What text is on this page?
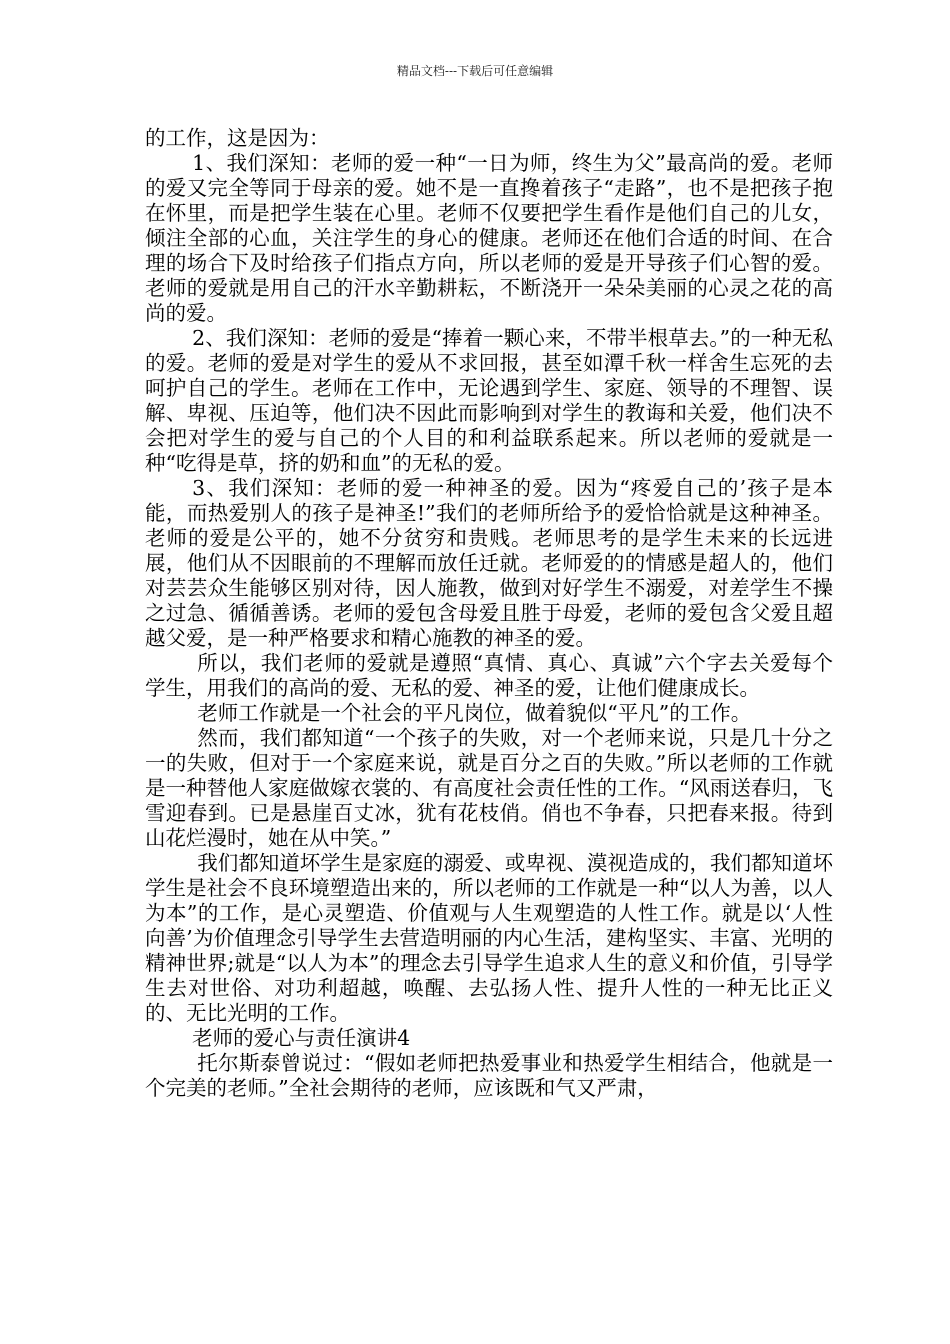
精品文档---下载后可任意编辑

的工作，这是因为：

1、我们深知：老师的爱一种“一日为师，终生为父”最高尚的爱。老师的爱又完全等同于母亲的爱。她不是一直搀着孩子“走路”，也不是把孩子抱在怀里，而是把学生装在心里。老师不仅要把学生看作是他们自己的儿女，倾注全部的心血，关注学生的身心的健康。老师还在他们合适的时间、在合理的场合下及时给孩子们指点方向，所以老师的爱是开导孩子们心智的爱。老师的爱就是用自己的汗水辛勤耕耘，不断浇开一朵朵美丽的心灵之花的高尚的爱。

2、我们深知：老师的爱是“捧着一颗心来，不带半根草去。”的一种无私的爱。老师的爱是对学生的爱从不求回报，甚至如潭千秋一样舍生忘死的去呵护自己的学生。老师在工作中，无论遇到学生、家庭、领导的不理智、误解、卑视、压迫等，他们决不因此而影响到对学生的教诲和关爱，他们决不会把对学生的爱与自己的个人目的和利益联系起来。所以老师的爱就是一种“吃得是草，挤的奶和血”的无私的爱。

3、我们深知：老师的爱一种神圣的爱。因为“疼爱自己的’孩子是本能，而热爱别人的孩子是神圣!”我们的老师所给予的爱恰恰就是这种神圣。老师的爱是公平的，她不分贫穷和贵贱。老师思考的是学生未来的长远进展，他们从不因眼前的不理解而放任迁就。老师爱的的情感是超人的，他们对芸芸众生能够区别对待，因人施教，做到对好学生不溺爱，对差学生不操之过急、循循善诱。老师的爱包含母爱且胜于母爱，老师的爱包含父爱且超越父爱，是一种严格要求和精心施教的神圣的爱。

所以，我们老师的爱就是遵照“真情、真心、真诚”六个字去关爱每个学生，用我们的高尚的爱、无私的爱、神圣的爱，让他们健康成长。

老师工作就是一个社会的平凡岗位，做着貌似“平凡”的工作。

然而，我们都知道“一个孩子的失败，对一个老师来说，只是几十分之一的失败，但对于一个家庭来说，就是百分之百的失败。”所以老师的工作就是一种替他人家庭做嫁衣裳的、有高度社会责任性的工作。“风雨送春归，飞雪迎春到。已是悬崖百丈冰，犹有花枝俏。俏也不争春，只把春来报。待到山花烂漫时，她在从中笑。”

我们都知道坏学生是家庭的溺爱、或卑视、漠视造成的，我们都知道坏学生是社会不良环境塑造出来的，所以老师的工作就是一种“以人为善，以人为本”的工作，是心灵塑造、价值观与人生观塑造的人性工作。就是以‘人性向善’为价值理念引导学生去营造明丽的内心生活，建构坚实、丰富、光明的精神世界;就是“以人为本”的理念去引导学生追求人生的意义和价值，引导学生去对世俗、对功利超越，唤醒、去弘扬人性、提升人性的一种无比正义的、无比光明的工作。

老师的爱心与责任演讲4

托尔斯泰曾说过：“假如老师把热爱事业和热爱学生相结合，他就是一个完美的老师。”全社会期待的老师，应该既和气又严肃，
